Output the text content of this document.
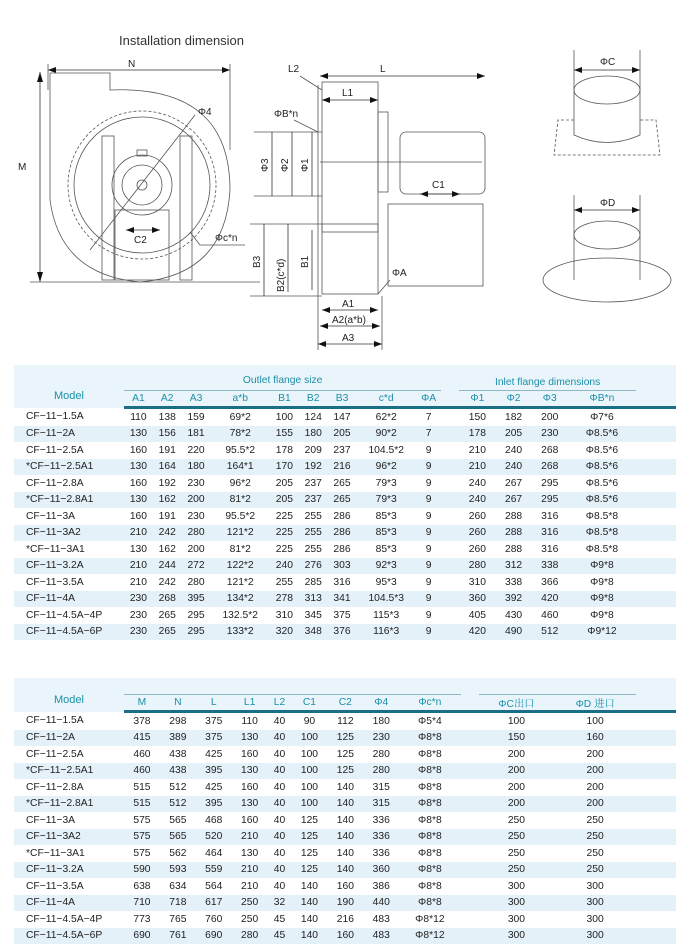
Installation dimension
N
M
Φ4
C2	Φc*n
L
L2
L1
ΦB*n
Φ3 Φ2 Φ1
C1
B3 B2(c*d) B1
ΦA
A1
A2(a*b)
A3
ΦC
ΦD
Model	Outlet flange size										Inlet flange dimensions				
	A1	A2	A3	a*b	B1	B2	B3	c*d	ΦA		Φ1	Φ2	Φ3	ΦB*n	
CF−11−1.5A	110	138	159	69*2	100	124	147	62*2	7		150	182	200	Φ7*6	
CF−11−2A	130	156	181	78*2	155	180	205	90*2	7		178	205	230	Φ8.5*6	
CF−11−2.5A	160	191	220	95.5*2	178	209	237	104.5*2	9		210	240	268	Φ8.5*6	
*CF−11−2.5A1	130	164	180	164*1	170	192	216	96*2	9		210	240	268	Φ8.5*6	
CF−11−2.8A	160	192	230	96*2	205	237	265	79*3	9		240	267	295	Φ8.5*6	
*CF−11−2.8A1	130	162	200	81*2	205	237	265	79*3	9		240	267	295	Φ8.5*6	
CF−11−3A	160	191	230	95.5*2	225	255	286	85*3	9		260	288	316	Φ8.5*8	
CF−11−3A2	210	242	280	121*2	225	255	286	85*3	9		260	288	316	Φ8.5*8	
*CF−11−3A1	130	162	200	81*2	225	255	286	85*3	9		260	288	316	Φ8.5*8	
CF−11−3.2A	210	244	272	122*2	240	276	303	92*3	9		280	312	338	Φ9*8	
CF−11−3.5A	210	242	280	121*2	255	285	316	95*3	9		310	338	366	Φ9*8	
CF−11−4A	230	268	395	134*2	278	313	341	104.5*3	9		360	392	420	Φ9*8	
CF−11−4.5A−4P	230	265	295	132.5*2	310	345	375	115*3	9		405	430	460	Φ9*8	
CF−11−4.5A−6P	230	265	295	133*2	320	348	376	116*3	9		420	490	512	Φ9*12	
Model													
	M	N	L	L1	L2	C1	C2	Φ4	Φc*n		ΦC出口	ΦD 进口	
CF−11−1.5A	378	298	375	110	40	90	112	180	Φ5*4		100	100	
CF−11−2A	415	389	375	130	40	100	125	230	Φ8*8		150	160	
CF−11−2.5A	460	438	425	160	40	100	125	280	Φ8*8		200	200	
*CF−11−2.5A1	460	438	395	130	40	100	125	280	Φ8*8		200	200	
CF−11−2.8A	515	512	425	160	40	100	140	315	Φ8*8		200	200	
*CF−11−2.8A1	515	512	395	130	40	100	140	315	Φ8*8		200	200	
CF−11−3A	575	565	468	160	40	125	140	336	Φ8*8		250	250	
CF−11−3A2	575	565	520	210	40	125	140	336	Φ8*8		250	250	
*CF−11−3A1	575	562	464	130	40	125	140	336	Φ8*8		250	250	
CF−11−3.2A	590	593	559	210	40	125	140	360	Φ8*8		250	250	
CF−11−3.5A	638	634	564	210	40	140	160	386	Φ8*8		300	300	
CF−11−4A	710	718	617	250	32	140	190	440	Φ8*8		300	300	
CF−11−4.5A−4P	773	765	760	250	45	140	216	483	Φ8*12		300	300	
CF−11−4.5A−6P	690	761	690	280	45	140	160	483	Φ8*12		300	300	
